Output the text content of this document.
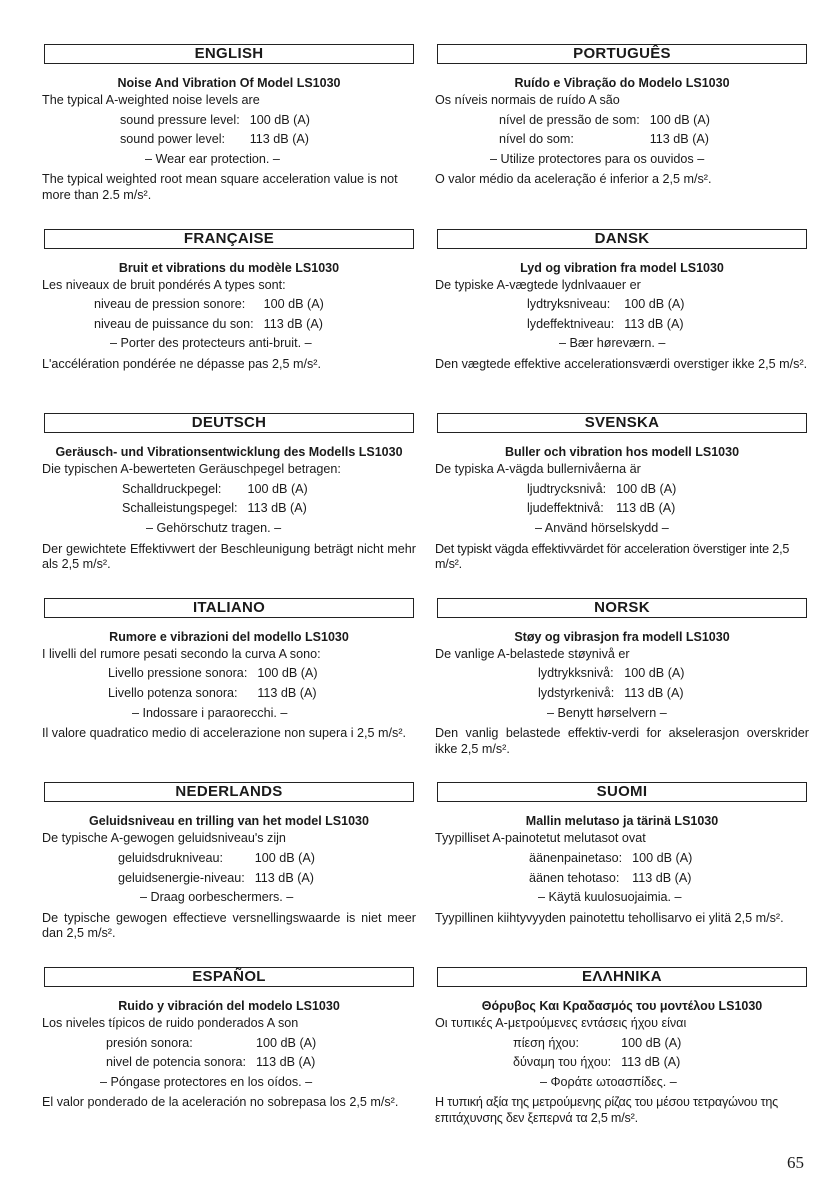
ENGLISH
Noise And Vibration Of Model LS1030
The typical A-weighted noise levels are
sound pressure level: 100 dB (A)
sound power level:	113 dB (A)
– Wear ear protection. –
The typical weighted root mean square acceleration value is not more than 2.5 m/s².
FRANÇAISE
Bruit et vibrations du modèle LS1030
Les niveaux de bruit pondérés A types sont:
niveau de pression sonore:	100 dB (A)
niveau de puissance du son: 113 dB (A)
– Porter des protecteurs anti-bruit. –
L'accélération pondérée ne dépasse pas 2,5 m/s².
DEUTSCH
Geräusch- und Vibrationsentwicklung des Modells LS1030
Die typischen A-bewerteten Geräuschpegel betragen:
Schalldruckpegel:	100 dB (A)
Schalleistungspegel: 113 dB (A)
– Gehörschutz tragen. –
Der gewichtete Effektivwert der Beschleunigung beträgt nicht mehr als 2,5 m/s².
ITALIANO
Rumore e vibrazioni del modello LS1030
I livelli del rumore pesati secondo la curva A sono:
Livello pressione sonora: 100 dB (A)
Livello potenza sonora:	113 dB (A)
– Indossare i paraorecchi. –
Il valore quadratico medio di accelerazione non supera i 2,5 m/s².
NEDERLANDS
Geluidsniveau en trilling van het model LS1030
De typische A-gewogen geluidsniveau's zijn
geluidsdrukniveau:	100 dB (A)
geluidsenergie-niveau: 113 dB (A)
– Draag oorbeschermers. –
De typische gewogen effectieve versnellingswaarde is niet meer dan 2,5 m/s².
ESPAÑOL
Ruido y vibración del modelo LS1030
Los niveles típicos de ruido ponderados A son
presión sonora:	100 dB (A)
nivel de potencia sonora: 113 dB (A)
– Póngase protectores en los oídos. –
El valor ponderado de la aceleración no sobrepasa los 2,5 m/s².
PORTUGUÊS
Ruído e Vibração do Modelo LS1030
Os níveis normais de ruído A são
nível de pressão de som: 100 dB (A)
nível do som:	113 dB (A)
– Utilize protectores para os ouvidos –
O valor médio da aceleração é inferior a 2,5 m/s².
DANSK
Lyd og vibration fra model LS1030
De typiske A-vægtede lydnlvaauer er
lydtryksniveau:	100 dB (A)
lydeffektniveau: 113 dB (A)
– Bær høreværn. –
Den vægtede effektive accelerationsværdi overstiger ikke 2,5 m/s².
SVENSKA
Buller och vibration hos modell LS1030
De typiska A-vägda bullernivåerna är
ljudtrycksnivå: 100 dB (A)
ljudeffektnivå: 113 dB (A)
– Använd hörselskydd –
Det typiskt vägda effektivvärdet för acceleration överstiger inte 2,5 m/s².
NORSK
Støy og vibrasjon fra modell LS1030
De vanlige A-belastede støynivå er
lydtrykksnivå: 100 dB (A)
lydstyrkenivå: 113 dB (A)
– Benytt hørselvern –
Den vanlig belastede effektiv-verdi for akselerasjon overskrider ikke 2,5 m/s².
SUOMI
Mallin melutaso ja tärinä LS1030
Tyypilliset A-painotetut melutasot ovat
äänenpainetaso: 100 dB (A)
äänen tehotaso: 113 dB (A)
– Käytä kuulosuojaimia. –
Tyypillinen kiihtyvyyden painotettu tehollisarvo ei ylitä 2,5 m/s².
ΕΛΛΗΝΙΚΑ
Θόρυβος Και Κραδασμός του μοντέλου LS1030
Οι τυπικές Α-μετρούμενες εντάσεις ήχου είναι
πίεση ήχου:	100 dB (A)
δύναμη του ήχου: 113 dB (A)
– Φοράτε ωτοασπίδες. –
Η τυπική αξία της μετρούμενης ρίζας του μέσου τετραγώνου της επιτάχυνσης δεν ξεπερνά τα 2,5 m/s².
65
